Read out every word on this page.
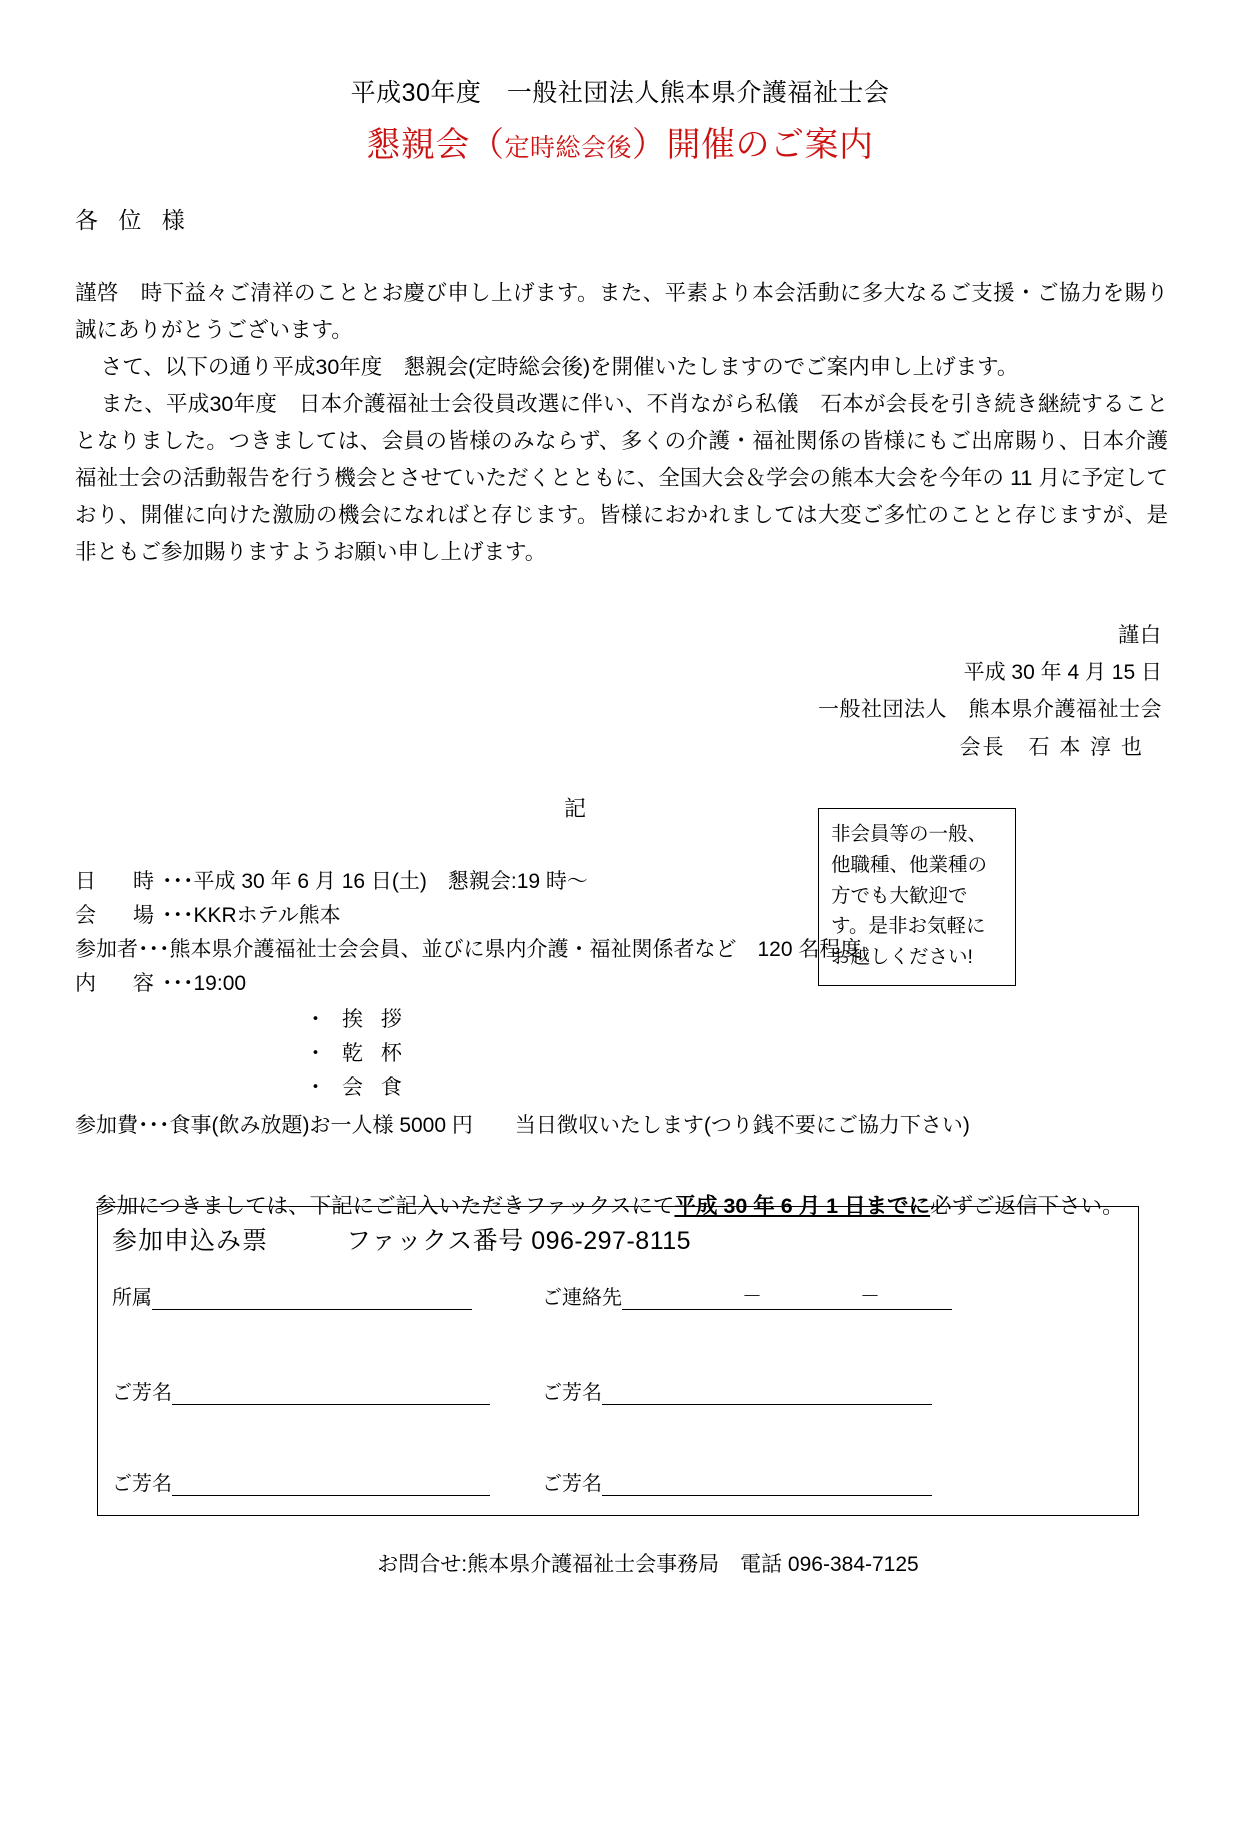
平成30年度　一般社団法人熊本県介護福祉士会
懇親会（定時総会後）開催のご案内
各 位 様

謹啓　時下益々ご清祥のこととお慶び申し上げます。また、平素より本会活動に多大なるご支援・ご協力を賜り誠にありがとうございます。

さて、以下の通り平成30年度　懇親会(定時総会後)を開催いたしますのでご案内申し上げます。

また、平成30年度　日本介護福祉士会役員改選に伴い、不肖ながら私儀　石本が会長を引き続き継続することとなりました。つきましては、会員の皆様のみならず、多くの介護・福祉関係の皆様にもご出席賜り、日本介護福祉士会の活動報告を行う機会とさせていただくとともに、全国大会＆学会の熊本大会を今年の 11 月に予定しており、開催に向けた激励の機会になればと存じます。皆様におかれましては大変ご多忙のことと存じますが、是非ともご参加賜りますようお願い申し上げます。

謹白
平成 30 年 4 月 15 日
一般社団法人　熊本県介護福祉士会
会長　石 本 淳 也
記
日　時･･･平成 30 年 6 月 16 日(土)　懇親会:19 時～
会　場･･･KKRホテル熊本
参加者･･･熊本県介護福祉士会会員、並びに県内介護・福祉関係者など　120 名程度
内　容･･･19:00
・ 挨 拶
・ 乾 杯
・ 会 食
参加費･･･食事(飲み放題)お一人様 5000 円　　当日徴収いたします(つり銭不要にご協力下さい)
非会員等の一般、他職種、他業種の方でも大歓迎です。是非お気軽にお越しください!
参加につきましては、下記にご記入いただきファックスにて平成 30 年 6 月 1 日までに必ずご返信下さい。
参加申込み票	ファックス番号 096-297-8115
所属	ご連絡先	－	－
ご芳名	ご芳名
ご芳名	ご芳名
お問合せ:熊本県介護福祉士会事務局　電話 096-384-7125
